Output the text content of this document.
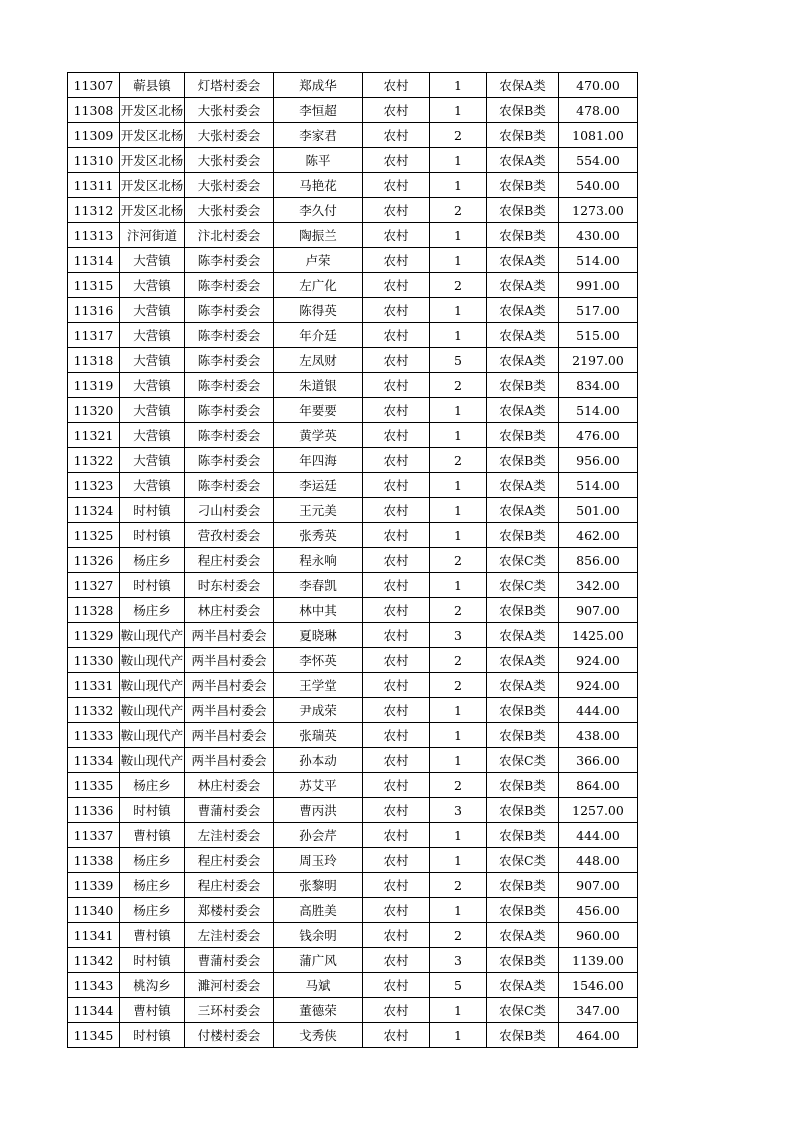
11307	蕲县镇	灯塔村委会	郑成华	农村	1	农保A类	470.00
11308	开发区北杨	大张村委会	李恒超	农村	1	农保B类	478.00
11309	开发区北杨	大张村委会	李家君	农村	2	农保B类	1081.00
11310	开发区北杨	大张村委会	陈平	农村	1	农保A类	554.00
11311	开发区北杨	大张村委会	马艳花	农村	1	农保B类	540.00
11312	开发区北杨	大张村委会	李久付	农村	2	农保B类	1273.00
11313	汴河街道	汴北村委会	陶振兰	农村	1	农保B类	430.00
11314	大营镇	陈李村委会	卢荣	农村	1	农保A类	514.00
11315	大营镇	陈李村委会	左广化	农村	2	农保A类	991.00
11316	大营镇	陈李村委会	陈得英	农村	1	农保A类	517.00
11317	大营镇	陈李村委会	年介廷	农村	1	农保A类	515.00
11318	大营镇	陈李村委会	左凤财	农村	5	农保A类	2197.00
11319	大营镇	陈李村委会	朱道银	农村	2	农保B类	834.00
11320	大营镇	陈李村委会	年要要	农村	1	农保A类	514.00
11321	大营镇	陈李村委会	黄学英	农村	1	农保B类	476.00
11322	大营镇	陈李村委会	年四海	农村	2	农保B类	956.00
11323	大营镇	陈李村委会	李运廷	农村	1	农保A类	514.00
11324	时村镇	刁山村委会	王元美	农村	1	农保A类	501.00
11325	时村镇	营孜村委会	张秀英	农村	1	农保B类	462.00
11326	杨庄乡	程庄村委会	程永响	农村	2	农保C类	856.00
11327	时村镇	时东村委会	李春凯	农村	1	农保C类	342.00
11328	杨庄乡	林庄村委会	林中其	农村	2	农保B类	907.00
11329	鞍山现代产	两半昌村委会	夏晓琳	农村	3	农保A类	1425.00
11330	鞍山现代产	两半昌村委会	李怀英	农村	2	农保A类	924.00
11331	鞍山现代产	两半昌村委会	王学堂	农村	2	农保A类	924.00
11332	鞍山现代产	两半昌村委会	尹成荣	农村	1	农保B类	444.00
11333	鞍山现代产	两半昌村委会	张瑞英	农村	1	农保B类	438.00
11334	鞍山现代产	两半昌村委会	孙本动	农村	1	农保C类	366.00
11335	杨庄乡	林庄村委会	苏艾平	农村	2	农保B类	864.00
11336	时村镇	曹蒲村委会	曹丙洪	农村	3	农保B类	1257.00
11337	曹村镇	左洼村委会	孙会芹	农村	1	农保B类	444.00
11338	杨庄乡	程庄村委会	周玉玲	农村	1	农保C类	448.00
11339	杨庄乡	程庄村委会	张黎明	农村	2	农保B类	907.00
11340	杨庄乡	郑楼村委会	高胜美	农村	1	农保B类	456.00
11341	曹村镇	左洼村委会	钱余明	农村	2	农保A类	960.00
11342	时村镇	曹蒲村委会	蒲广风	农村	3	农保B类	1139.00
11343	桃沟乡	濉河村委会	马斌	农村	5	农保A类	1546.00
11344	曹村镇	三环村委会	董德荣	农村	1	农保C类	347.00
11345	时村镇	付楼村委会	戈秀侠	农村	1	农保B类	464.00
